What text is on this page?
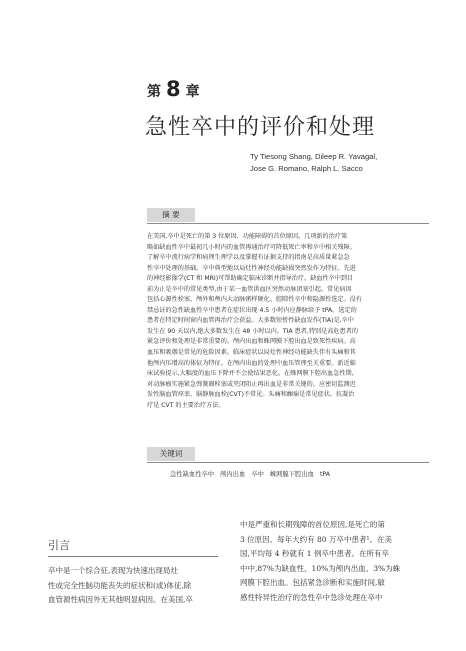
第 8 章
急性卒中的评价和处理
Ty Tiesong Shang, Dileep R. Yavagal,
Jose G. Romano, Ralph L. Sacco
摘 要
在美国,卒中是死亡的第 3 位原因、功能障碍的首位原因。几项新的治疗策
略如缺血性卒中最初几小时内的血管再通治疗可降低死亡率和卒中相关残障。
了解卒中流行病学和病理生理学以及掌握有证据支持的指南是高质量紧急急
性卒中处理的基础。卒中典型地以局灶性神经功能缺损突然发作为特征。先进
的神经影像学(CT 和 MRI)可帮助确定临床诊断并指导治疗。缺血性卒中到目
前为止是卒中的常见类型,由于某一血管供血区突然动脉闭塞引起。常见病因
包括心源性栓塞、颅外和颅内大动脉粥样硬化、腔隙性卒中和隐源性选定。没有
禁忌证的急性缺血性卒中患者在症状出现 4.5 小时内应静脉给予 tPA。选定的
患者在特定时间窗内血管再治疗会获益。大多数短暂性缺血发作(TIA)是,卒中
发生在 90 天以内,绝大多数发生在 48 小时以内。TIA 患者,特别是高危患者的
紧急评价和处理是非常重要的。颅内出血和蛛网膜下腔出血是致死性疾病。高
血压和吸烟是常见的危险因素。临床症状以局灶性神经功能缺失伴有头痛和其
他颅内压增高的体征为特征。在颅内出血的处理中血压管理至关重要。新近临
床试验提示,大幅度的血压下降并不会使结果恶化。在蛛网膜下腔出血急性期,
对动脉瘤实施紧急弹簧圈栓塞或夹闭阻止再出血是非常关键的。应密切监测迟
发性脑血管痉挛。脑静脉血栓(CVT)不常见。头痛和癫痫是常见症状。抗凝治
疗是 CVT 的主要治疗方法。
关键词
急性缺血性卒中 颅内出血 卒中 蛛网膜下腔出血 tPA
引言
卒中是一个综合征,表现为快速出现局灶
性或完全性脑功能丧失的症状和(或)体征,除
血管源性病因外无其他明显病因。在美国,卒
中是严重和长期残障的首位原因,是死亡的第
3 位原因。每年大约有 80 万卒中患者¹。在美
国,平均每 4 秒就有 1 例卒中患者。在所有卒
中中,87%为缺血性、10%为颅内出血、3%为蛛
网膜下腔出血。包括紧急诊断和实施时间,敏
感性特异性治疗的急性卒中急诊处理在卒中
